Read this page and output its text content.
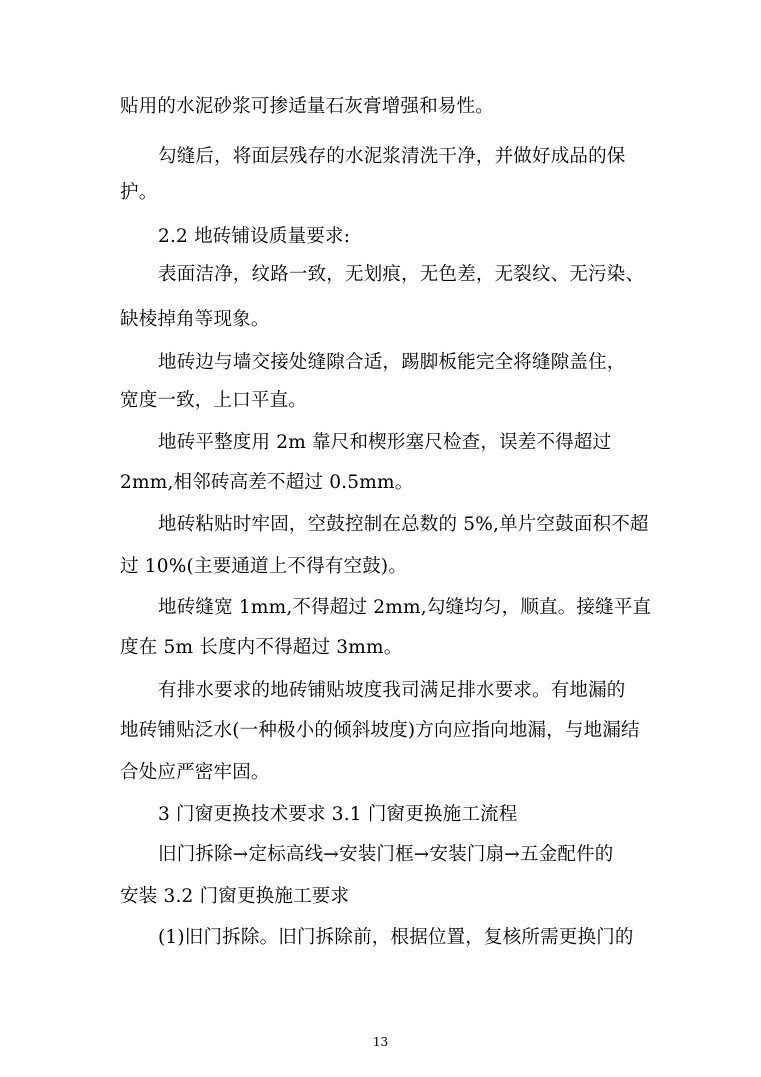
贴用的水泥砂浆可掺适量石灰膏增强和易性。
勾缝后，将面层残存的水泥浆清洗干净，并做好成品的保
护。
2.2 地砖铺设质量要求:
表面洁净，纹路一致，无划痕，无色差，无裂纹、无污染、
缺棱掉角等现象。
地砖边与墙交接处缝隙合适，踢脚板能完全将缝隙盖住，
宽度一致，上口平直。
地砖平整度用 2m 靠尺和楔形塞尺检查，误差不得超过
2mm,相邻砖高差不超过 0.5mm。
地砖粘贴时牢固，空鼓控制在总数的 5%,单片空鼓面积不超
过 10%(主要通道上不得有空鼓)。
地砖缝宽 1mm,不得超过 2mm,勾缝均匀，顺直。接缝平直
度在 5m 长度内不得超过 3mm。
有排水要求的地砖铺贴坡度我司满足排水要求。有地漏的
地砖铺贴泛水(一种极小的倾斜坡度)方向应指向地漏，与地漏结
合处应严密牢固。
3 门窗更换技术要求 3.1 门窗更换施工流程
旧门拆除→定标高线→安装门框→安装门扇→五金配件的
安装 3.2 门窗更换施工要求
(1)旧门拆除。旧门拆除前，根据位置，复核所需更换门的
13
